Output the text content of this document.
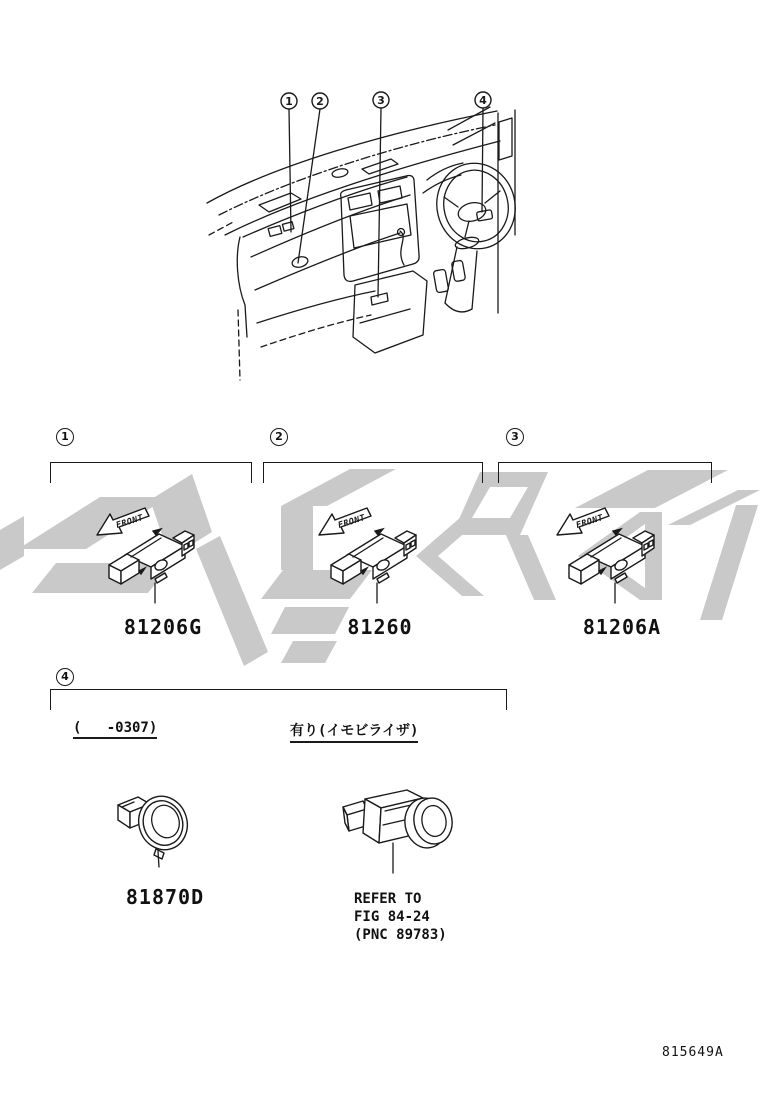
1 2	3	4
1
FRONT
81206G
2
FRONT
81260
3
FRONT
81206A
4
(   -0307)	有り(イモビライザ)
81870D	REFER TO
FIG 84-24
(PNC 89783)
815649A
